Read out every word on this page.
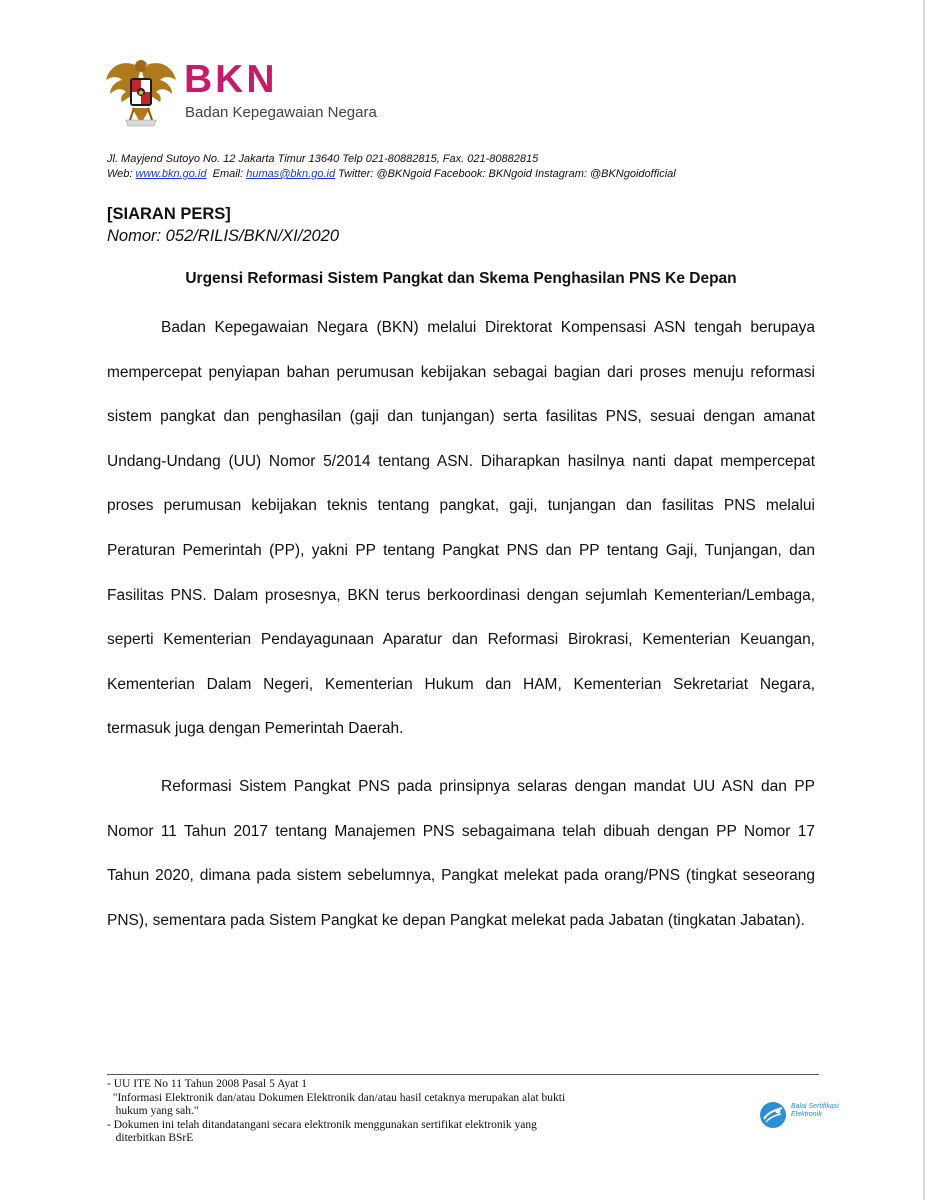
BKN
Badan Kepegawaian Negara
Jl. Mayjend Sutoyo No. 12 Jakarta Timur 13640 Telp 021-80882815, Fax. 021-80882815
Web: www.bkn.go.id Email: humas@bkn.go.id Twitter: @BKNgoid Facebook: BKNgoid Instagram: @BKNgoidofficial
[SIARAN PERS]
Nomor: 052/RILIS/BKN/XI/2020
Urgensi Reformasi Sistem Pangkat dan Skema Penghasilan PNS Ke Depan

Badan Kepegawaian Negara (BKN) melalui Direktorat Kompensasi ASN tengah berupaya mempercepat penyiapan bahan perumusan kebijakan sebagai bagian dari proses menuju reformasi sistem pangkat dan penghasilan (gaji dan tunjangan) serta fasilitas PNS, sesuai dengan amanat Undang-Undang (UU) Nomor 5/2014 tentang ASN. Diharapkan hasilnya nanti dapat mempercepat proses perumusan kebijakan teknis tentang pangkat, gaji, tunjangan dan fasilitas PNS melalui Peraturan Pemerintah (PP), yakni PP tentang Pangkat PNS dan PP tentang Gaji, Tunjangan, dan Fasilitas PNS. Dalam prosesnya, BKN terus berkoordinasi dengan sejumlah Kementerian/Lembaga, seperti Kementerian Pendayagunaan Aparatur dan Reformasi Birokrasi, Kementerian Keuangan, Kementerian Dalam Negeri, Kementerian Hukum dan HAM, Kementerian Sekretariat Negara, termasuk juga dengan Pemerintah Daerah.

Reformasi Sistem Pangkat PNS pada prinsipnya selaras dengan mandat UU ASN dan PP Nomor 11 Tahun 2017 tentang Manajemen PNS sebagaimana telah dibuah dengan PP Nomor 17 Tahun 2020, dimana pada sistem sebelumnya, Pangkat melekat pada orang/PNS (tingkat seseorang PNS), sementara pada Sistem Pangkat ke depan Pangkat melekat pada Jabatan (tingkatan Jabatan).

- UU ITE No 11 Tahun 2008 Pasal 5 Ayat 1
"Informasi Elektronik dan/atau Dokumen Elektronik dan/atau hasil cetaknya merupakan alat bukti
hukum yang sah."
- Dokumen ini telah ditandatangani secara elektronik menggunakan sertifikat elektronik yang
diterbitkan BSrE
Balai Sertifikasi Elektronik
